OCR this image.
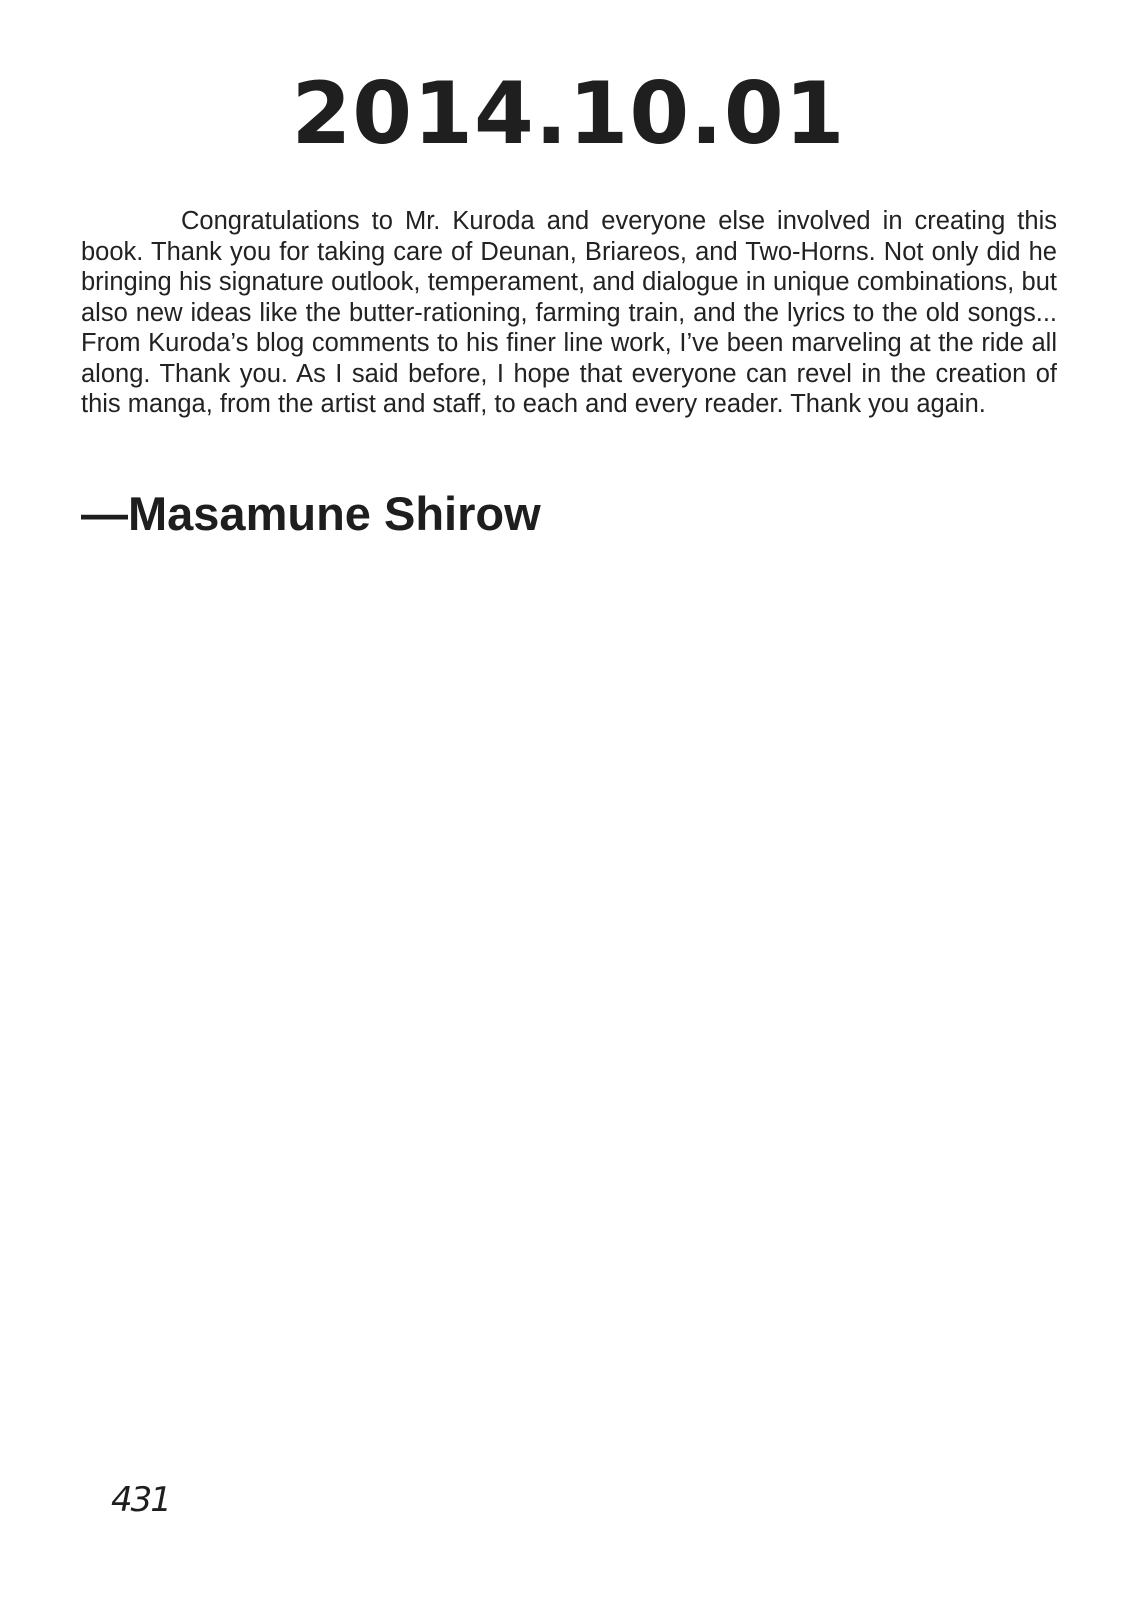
2014.10.01

Congratulations to Mr. Kuroda and everyone else involved in creating this book. Thank you for taking care of Deunan, Briareos, and Two-Horns. Not only did he bringing his signature outlook, temperament, and dialogue in unique combinations, but also new ideas like the butter-rationing, farming train, and the lyrics to the old songs... From Kuroda’s blog comments to his finer line work, I’ve been marveling at the ride all along. Thank you. As I said before, I hope that everyone can revel in the creation of this manga, from the artist and staff, to each and every reader. Thank you again.

—Masamune Shirow

431
